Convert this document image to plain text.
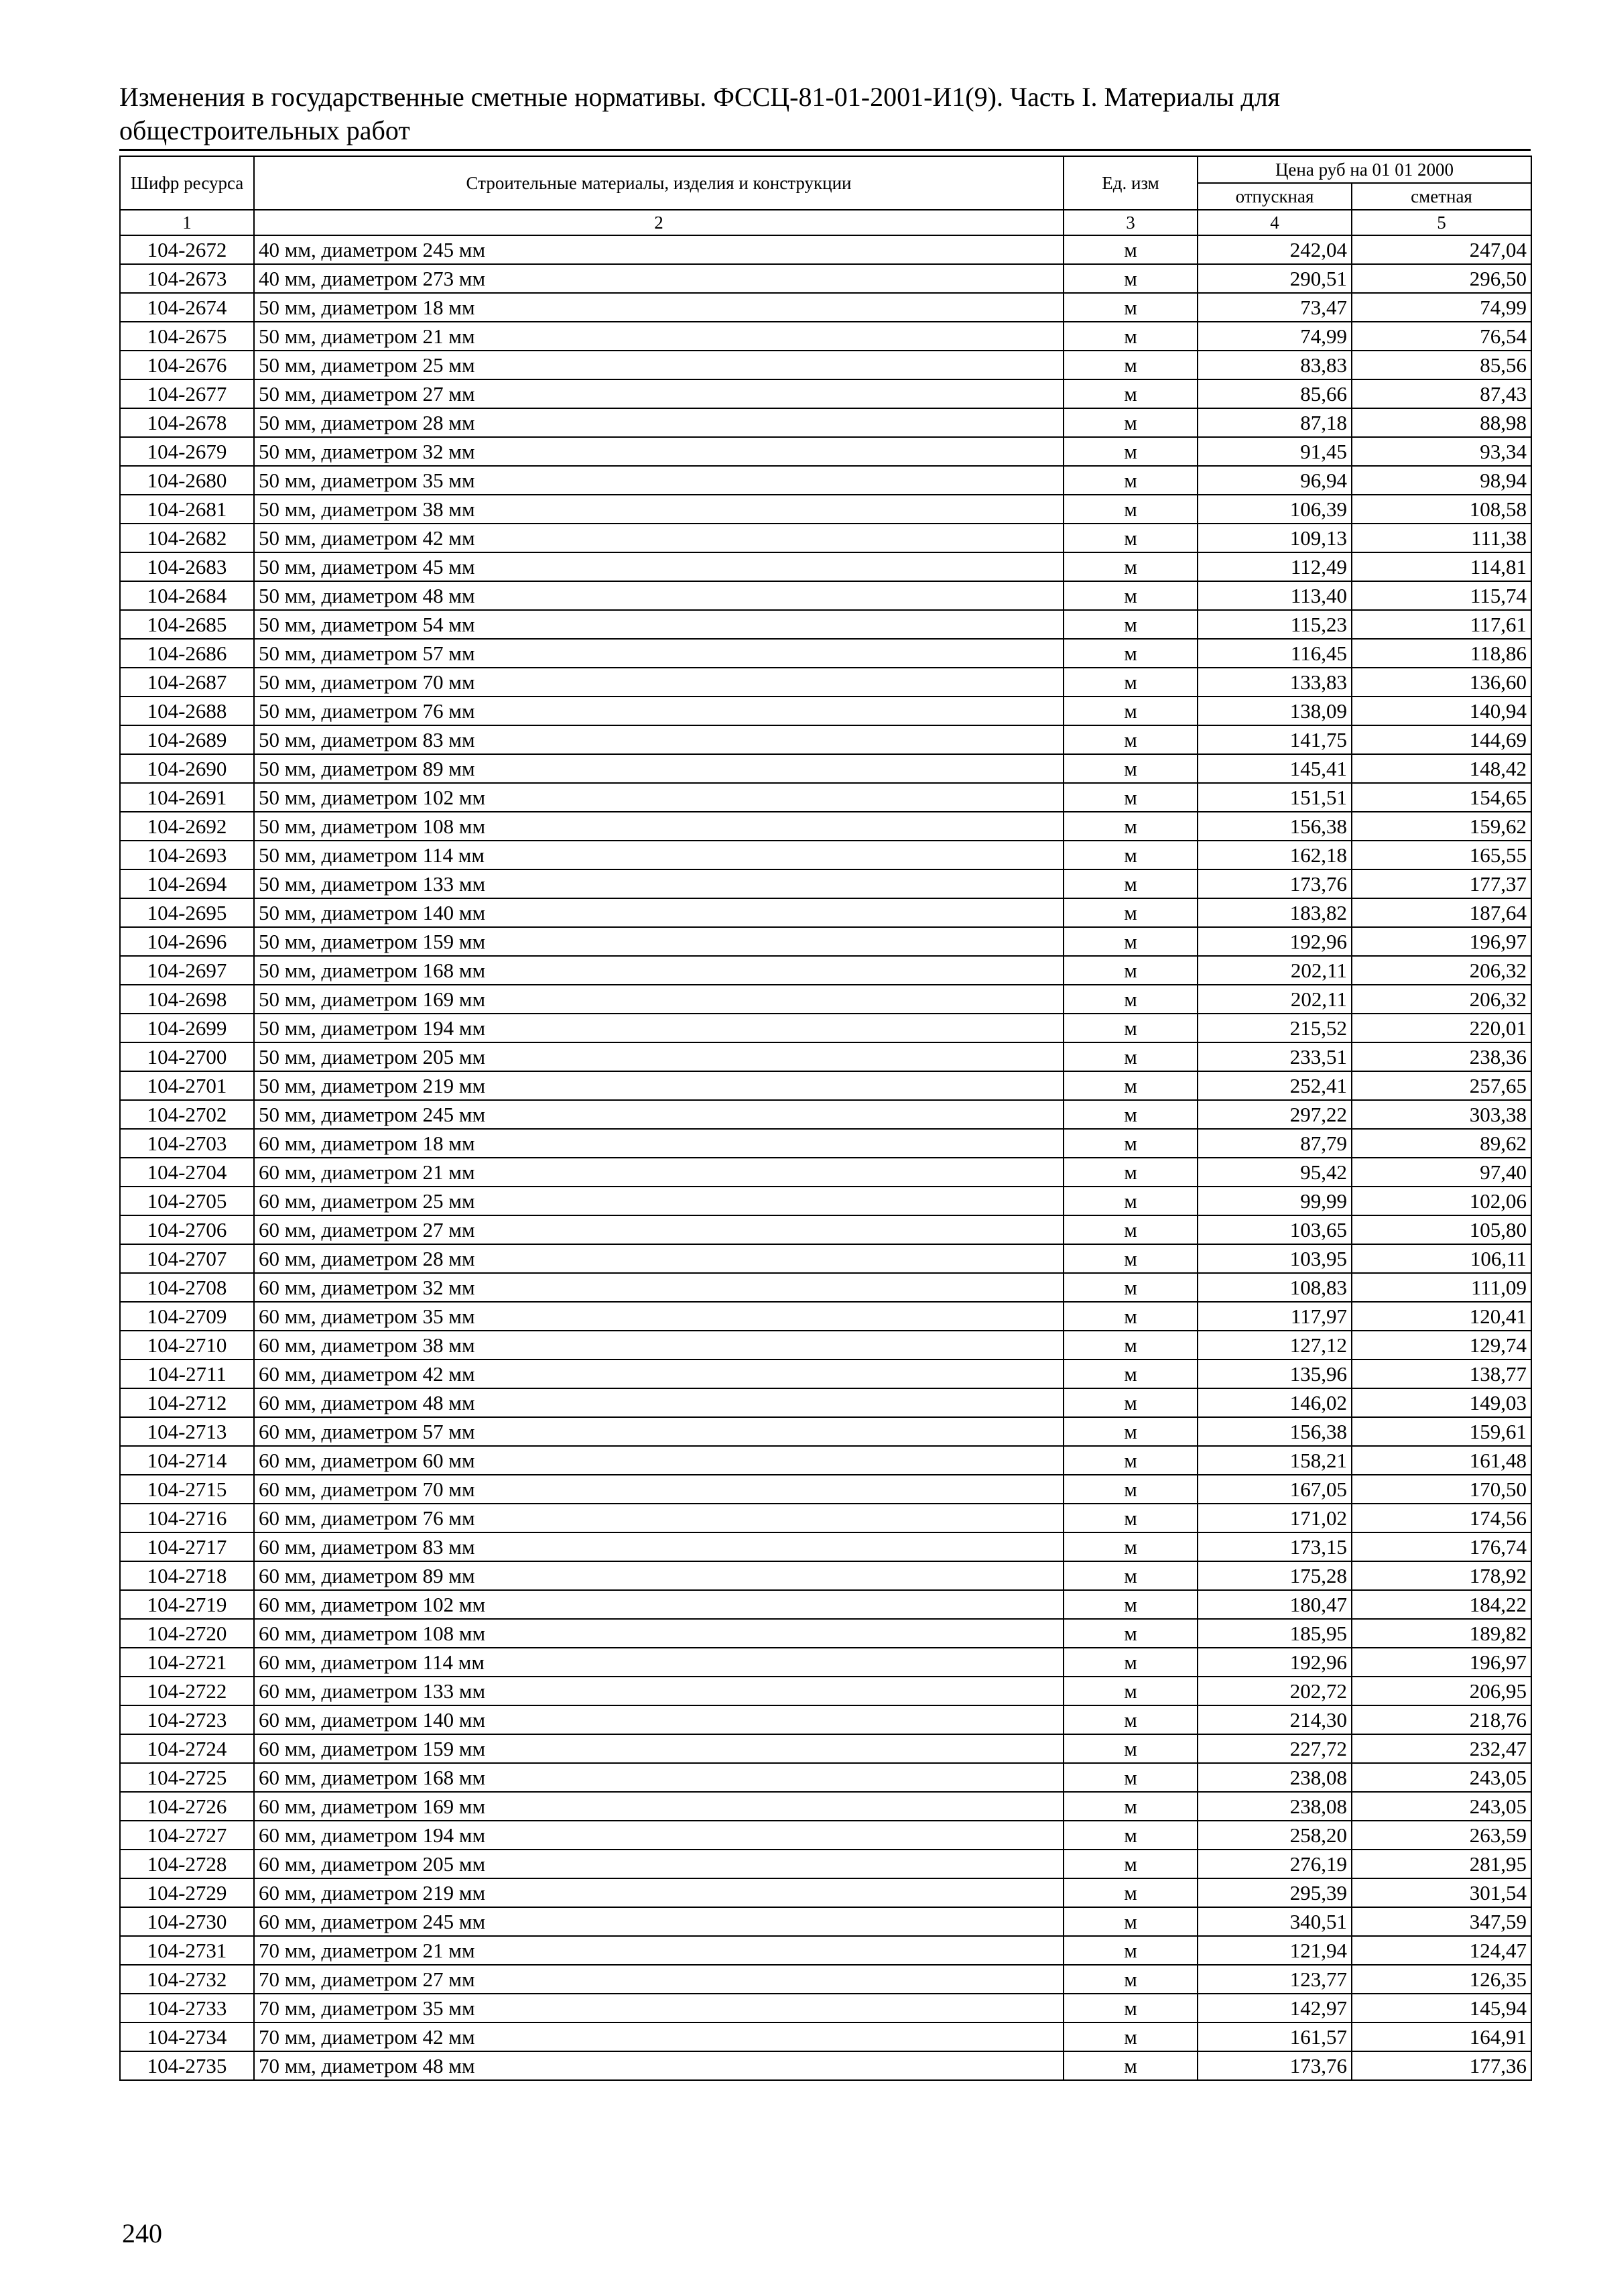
Изменения в государственные сметные нормативы. ФССЦ-81-01-2001-И1(9). Часть I. Материалы для
общестроительных работ
Шифр ресурса	Строительные материалы, изделия и конструкции	Ед. изм	Цена руб на 01 01 2000	
			отпускная	сметная
1	2	3	4	5
104-2672	40 мм, диаметром 245 мм	м	242,04	247,04
104-2673	40 мм, диаметром 273 мм	м	290,51	296,50
104-2674	50 мм, диаметром 18 мм	м	73,47	74,99
104-2675	50 мм, диаметром 21 мм	м	74,99	76,54
104-2676	50 мм, диаметром 25 мм	м	83,83	85,56
104-2677	50 мм, диаметром 27 мм	м	85,66	87,43
104-2678	50 мм, диаметром 28 мм	м	87,18	88,98
104-2679	50 мм, диаметром 32 мм	м	91,45	93,34
104-2680	50 мм, диаметром 35 мм	м	96,94	98,94
104-2681	50 мм, диаметром 38 мм	м	106,39	108,58
104-2682	50 мм, диаметром 42 мм	м	109,13	111,38
104-2683	50 мм, диаметром 45 мм	м	112,49	114,81
104-2684	50 мм, диаметром 48 мм	м	113,40	115,74
104-2685	50 мм, диаметром 54 мм	м	115,23	117,61
104-2686	50 мм, диаметром 57 мм	м	116,45	118,86
104-2687	50 мм, диаметром 70 мм	м	133,83	136,60
104-2688	50 мм, диаметром 76 мм	м	138,09	140,94
104-2689	50 мм, диаметром 83 мм	м	141,75	144,69
104-2690	50 мм, диаметром 89 мм	м	145,41	148,42
104-2691	50 мм, диаметром 102 мм	м	151,51	154,65
104-2692	50 мм, диаметром 108 мм	м	156,38	159,62
104-2693	50 мм, диаметром 114 мм	м	162,18	165,55
104-2694	50 мм, диаметром 133 мм	м	173,76	177,37
104-2695	50 мм, диаметром 140 мм	м	183,82	187,64
104-2696	50 мм, диаметром 159 мм	м	192,96	196,97
104-2697	50 мм, диаметром 168 мм	м	202,11	206,32
104-2698	50 мм, диаметром 169 мм	м	202,11	206,32
104-2699	50 мм, диаметром 194 мм	м	215,52	220,01
104-2700	50 мм, диаметром 205 мм	м	233,51	238,36
104-2701	50 мм, диаметром 219 мм	м	252,41	257,65
104-2702	50 мм, диаметром 245 мм	м	297,22	303,38
104-2703	60 мм, диаметром 18 мм	м	87,79	89,62
104-2704	60 мм, диаметром 21 мм	м	95,42	97,40
104-2705	60 мм, диаметром 25 мм	м	99,99	102,06
104-2706	60 мм, диаметром 27 мм	м	103,65	105,80
104-2707	60 мм, диаметром 28 мм	м	103,95	106,11
104-2708	60 мм, диаметром 32 мм	м	108,83	111,09
104-2709	60 мм, диаметром 35 мм	м	117,97	120,41
104-2710	60 мм, диаметром 38 мм	м	127,12	129,74
104-2711	60 мм, диаметром 42 мм	м	135,96	138,77
104-2712	60 мм, диаметром 48 мм	м	146,02	149,03
104-2713	60 мм, диаметром 57 мм	м	156,38	159,61
104-2714	60 мм, диаметром 60 мм	м	158,21	161,48
104-2715	60 мм, диаметром 70 мм	м	167,05	170,50
104-2716	60 мм, диаметром 76 мм	м	171,02	174,56
104-2717	60 мм, диаметром 83 мм	м	173,15	176,74
104-2718	60 мм, диаметром 89 мм	м	175,28	178,92
104-2719	60 мм, диаметром 102 мм	м	180,47	184,22
104-2720	60 мм, диаметром 108 мм	м	185,95	189,82
104-2721	60 мм, диаметром 114 мм	м	192,96	196,97
104-2722	60 мм, диаметром 133 мм	м	202,72	206,95
104-2723	60 мм, диаметром 140 мм	м	214,30	218,76
104-2724	60 мм, диаметром 159 мм	м	227,72	232,47
104-2725	60 мм, диаметром 168 мм	м	238,08	243,05
104-2726	60 мм, диаметром 169 мм	м	238,08	243,05
104-2727	60 мм, диаметром 194 мм	м	258,20	263,59
104-2728	60 мм, диаметром 205 мм	м	276,19	281,95
104-2729	60 мм, диаметром 219 мм	м	295,39	301,54
104-2730	60 мм, диаметром 245 мм	м	340,51	347,59
104-2731	70 мм, диаметром 21 мм	м	121,94	124,47
104-2732	70 мм, диаметром 27 мм	м	123,77	126,35
104-2733	70 мм, диаметром 35 мм	м	142,97	145,94
104-2734	70 мм, диаметром 42 мм	м	161,57	164,91
104-2735	70 мм, диаметром 48 мм	м	173,76	177,36
240
